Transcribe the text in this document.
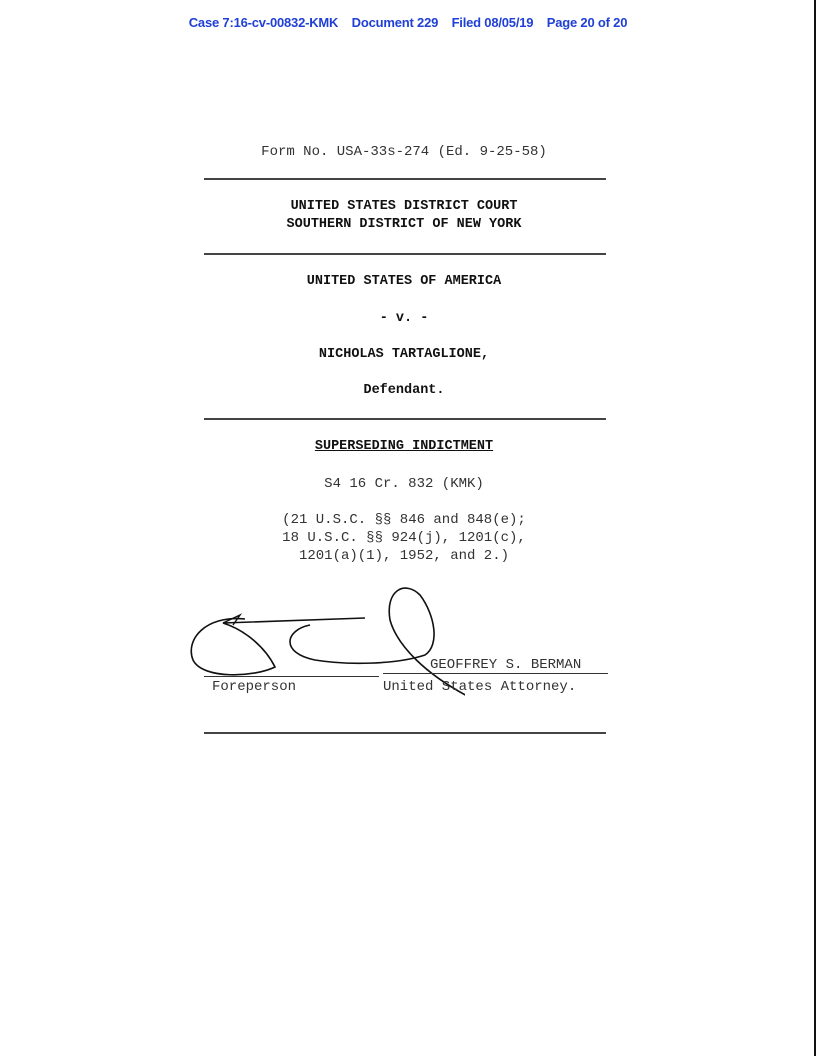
Case 7:16-cv-00832-KMK Document 229 Filed 08/05/19 Page 20 of 20
Form No. USA-33s-274 (Ed. 9-25-58)
UNITED STATES DISTRICT COURT
SOUTHERN DISTRICT OF NEW YORK
UNITED STATES OF AMERICA
- v. -
NICHOLAS TARTAGLIONE,
Defendant.
SUPERSEDING INDICTMENT
S4 16 Cr. 832 (KMK)
(21 U.S.C. §§ 846 and 848(e);
18 U.S.C. §§ 924(j), 1201(c),
1201(a)(1), 1952, and 2.)
GEOFFREY S. BERMAN
Foreperson	United States Attorney.
